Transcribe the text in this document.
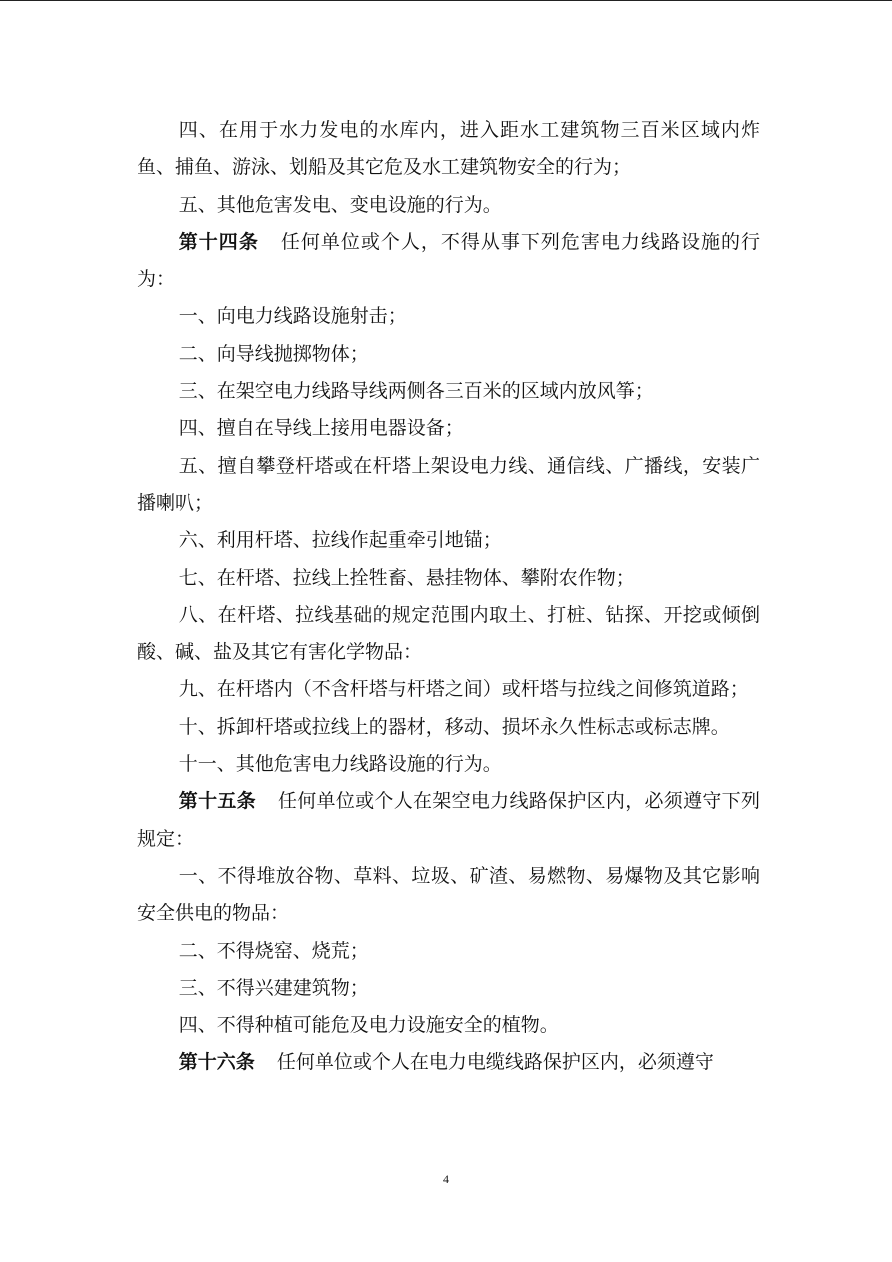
四、在用于水力发电的水库内，进入距水工建筑物三百米区域内炸鱼、捕鱼、游泳、划船及其它危及水工建筑物安全的行为；

五、其他危害发电、变电设施的行为。

第十四条 任何单位或个人，不得从事下列危害电力线路设施的行为：

一、向电力线路设施射击；

二、向导线抛掷物体；

三、在架空电力线路导线两侧各三百米的区域内放风筝；

四、擅自在导线上接用电器设备；

五、擅自攀登杆塔或在杆塔上架设电力线、通信线、广播线，安装广播喇叭；

六、利用杆塔、拉线作起重牵引地锚；

七、在杆塔、拉线上拴牲畜、悬挂物体、攀附农作物；

八、在杆塔、拉线基础的规定范围内取土、打桩、钻探、开挖或倾倒酸、碱、盐及其它有害化学物品：

九、在杆塔内（不含杆塔与杆塔之间）或杆塔与拉线之间修筑道路；

十、拆卸杆塔或拉线上的器材，移动、损坏永久性标志或标志牌。

十一、其他危害电力线路设施的行为。

第十五条 任何单位或个人在架空电力线路保护区内，必须遵守下列规定：

一、不得堆放谷物、草料、垃圾、矿渣、易燃物、易爆物及其它影响安全供电的物品：

二、不得烧窑、烧荒；

三、不得兴建建筑物；

四、不得种植可能危及电力设施安全的植物。

第十六条 任何单位或个人在电力电缆线路保护区内，必须遵守

4
